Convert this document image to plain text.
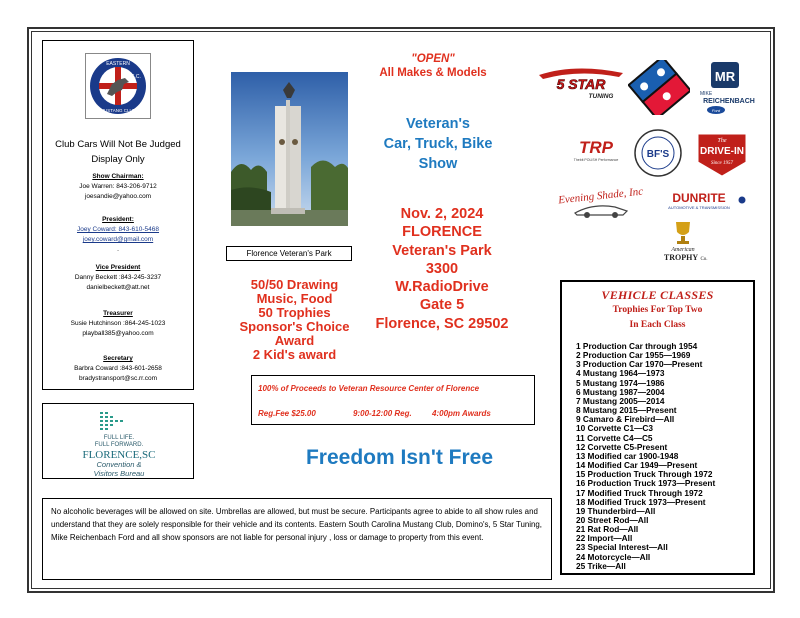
EASTERN
S.C.
MUSTANG CLUB
Club Cars Will Not Be Judged
Display Only
Show Chairman:
Joe Warren: 843-206-9712
joesandie@yahoo.com
President:
Joey Coward: 843-610-5468
joey.coward@gmail.com
.
Vice President
Danny Beckett :843-245-3237
danielbeckett@att.net
Treasurer
Susie Hutchinson :864-245-1023
playball385@yahoo.com
Secretary
Barbra Coward :843-601-2658
bradystransport@sc.rr.com
FULL LIFE.
FULL FORWARD.
FLORENCE,SC
Convention &
Visitors Bureau
Florence Veteran's Park
50/50 Drawing
Music, Food
50 Trophies
Sponsor's Choice
Award
2 Kid's award
"OPEN"
All Makes & Models
Veteran's
Car, Truck, Bike
Show
Nov. 2, 2024
FLORENCE
Veteran's Park
3300
W.RadioDrive
Gate 5
Florence, SC 29502
100% of Proceeds to Veteran Resource Center of Florence
Reg.Fee $25.00	9:00-12:00 Reg.	4:00pm Awards
Freedom Isn't Free
No alcoholic beverages will be allowed on site. Umbrellas are allowed, but must be secure. Participants agree to abide to all show rules and understand that they are solely responsible for their vehicle and its contents. Eastern South Carolina Mustang Club, Domino's, 5 Star Tuning, Mike Reichenbach Ford and all show sponsors are not liable for personal injury , loss or damage to property from this event.
5 STAR
TUNING
MR
MIKE
REICHENBACH
Ford
TRP
Thebit POLISH Performance	BF'S
The
DRIVE-IN
Since 1957
Evening Shade, Inc DUNRITE
AUTOMOTIVE & TRANSMISSION
American
TROPHY Co.
VEHICLE CLASSES
Trophies For Top Two
In Each Class
1 Production Car through 1954
2 Production Car 1955—1969
3 Production Car 1970—Present
4 Mustang 1964—1973
5 Mustang 1974—1986
6 Mustang 1987—2004
7 Mustang 2005—2014
8 Mustang 2015—Present
9 Camaro & Firebird—All
10 Corvette C1—C3
11 Corvette C4—C5
12 Corvette C5-Present
13 Modified car 1900-1948
14 Modified Car 1949—Present
15 Production Truck Through 1972
16 Production Truck 1973—Present
17 Modified Truck Through 1972
18 Modified Truck 1973—Present
19 Thunderbird—All
20 Street Rod—All
21 Rat Rod—All
22 Import—All
23 Special Interest—All
24 Motorcycle—All
25 Trike—All
